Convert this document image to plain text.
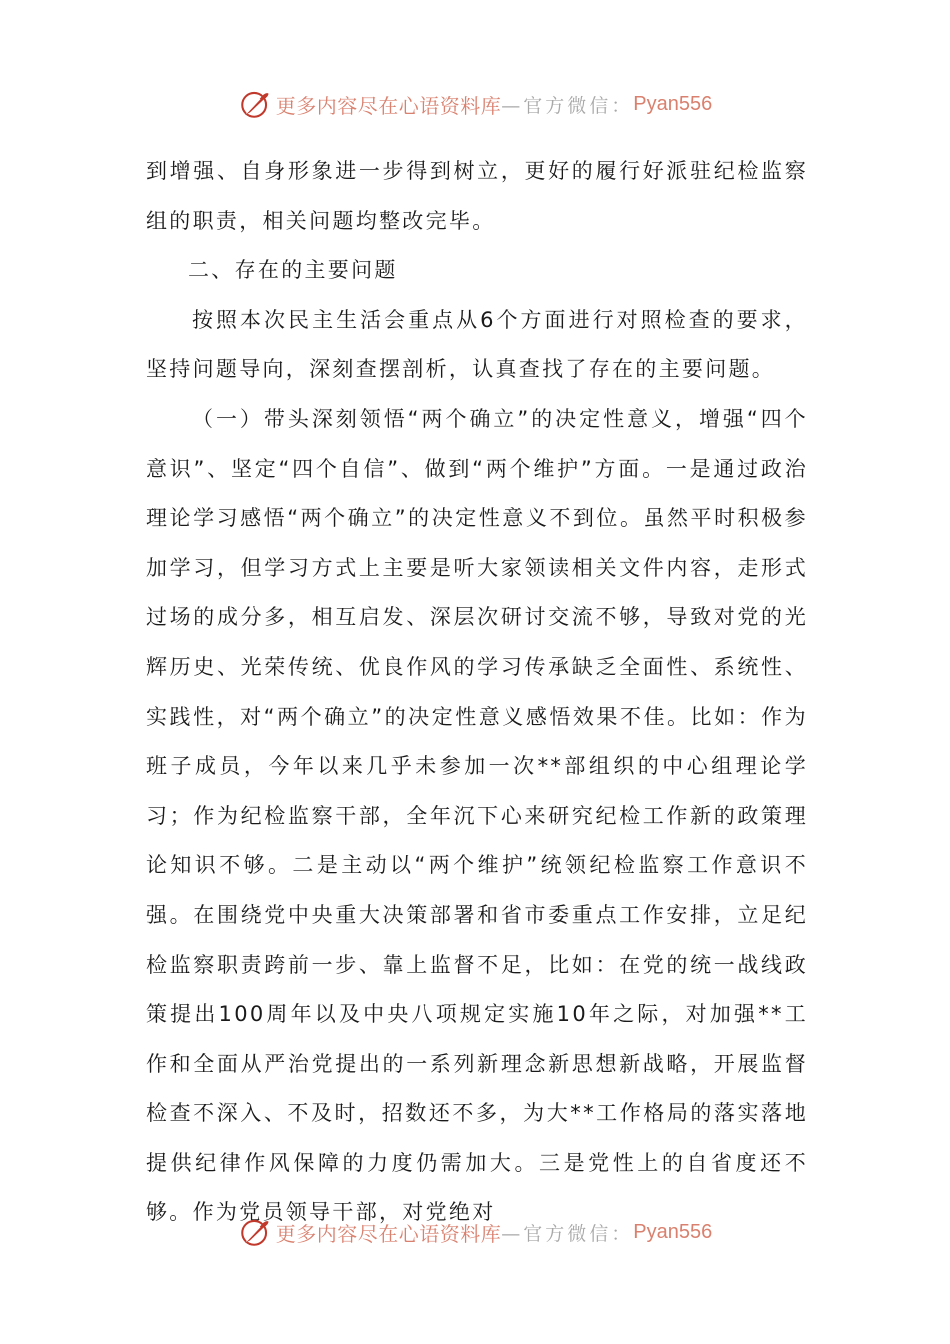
更多内容尽在心语资料库 —官方微信： Pyan556

到增强、自身形象进一步得到树立，更好的履行好派驻纪检监察组的职责，相关问题均整改完毕。

二、存在的主要问题

按照本次民主生活会重点从6个方面进行对照检查的要求，坚持问题导向，深刻查摆剖析，认真查找了存在的主要问题。

（一）带头深刻领悟“两个确立”的决定性意义，增强“四个意识”、坚定“四个自信”、做到“两个维护”方面。一是通过政治理论学习感悟“两个确立”的决定性意义不到位。虽然平时积极参加学习，但学习方式上主要是听大家领读相关文件内容，走形式过场的成分多，相互启发、深层次研讨交流不够，导致对党的光辉历史、光荣传统、优良作风的学习传承缺乏全面性、系统性、实践性，对“两个确立”的决定性意义感悟效果不佳。比如：作为班子成员，今年以来几乎未参加一次**部组织的中心组理论学习；作为纪检监察干部，全年沉下心来研究纪检工作新的政策理论知识不够。二是主动以“两个维护”统领纪检监察工作意识不强。在围绕党中央重大决策部署和省市委重点工作安排，立足纪检监察职责跨前一步、靠上监督不足，比如：在党的统一战线政策提出100周年以及中央八项规定实施10年之际，对加强**工作和全面从严治党提出的一系列新理念新思想新战略，开展监督检查不深入、不及时，招数还不多，为大**工作格局的落实落地提供纪律作风保障的力度仍需加大。三是党性上的自省度还不够。作为党员领导干部，对党绝对

更多内容尽在心语资料库 —官方微信： Pyan556
